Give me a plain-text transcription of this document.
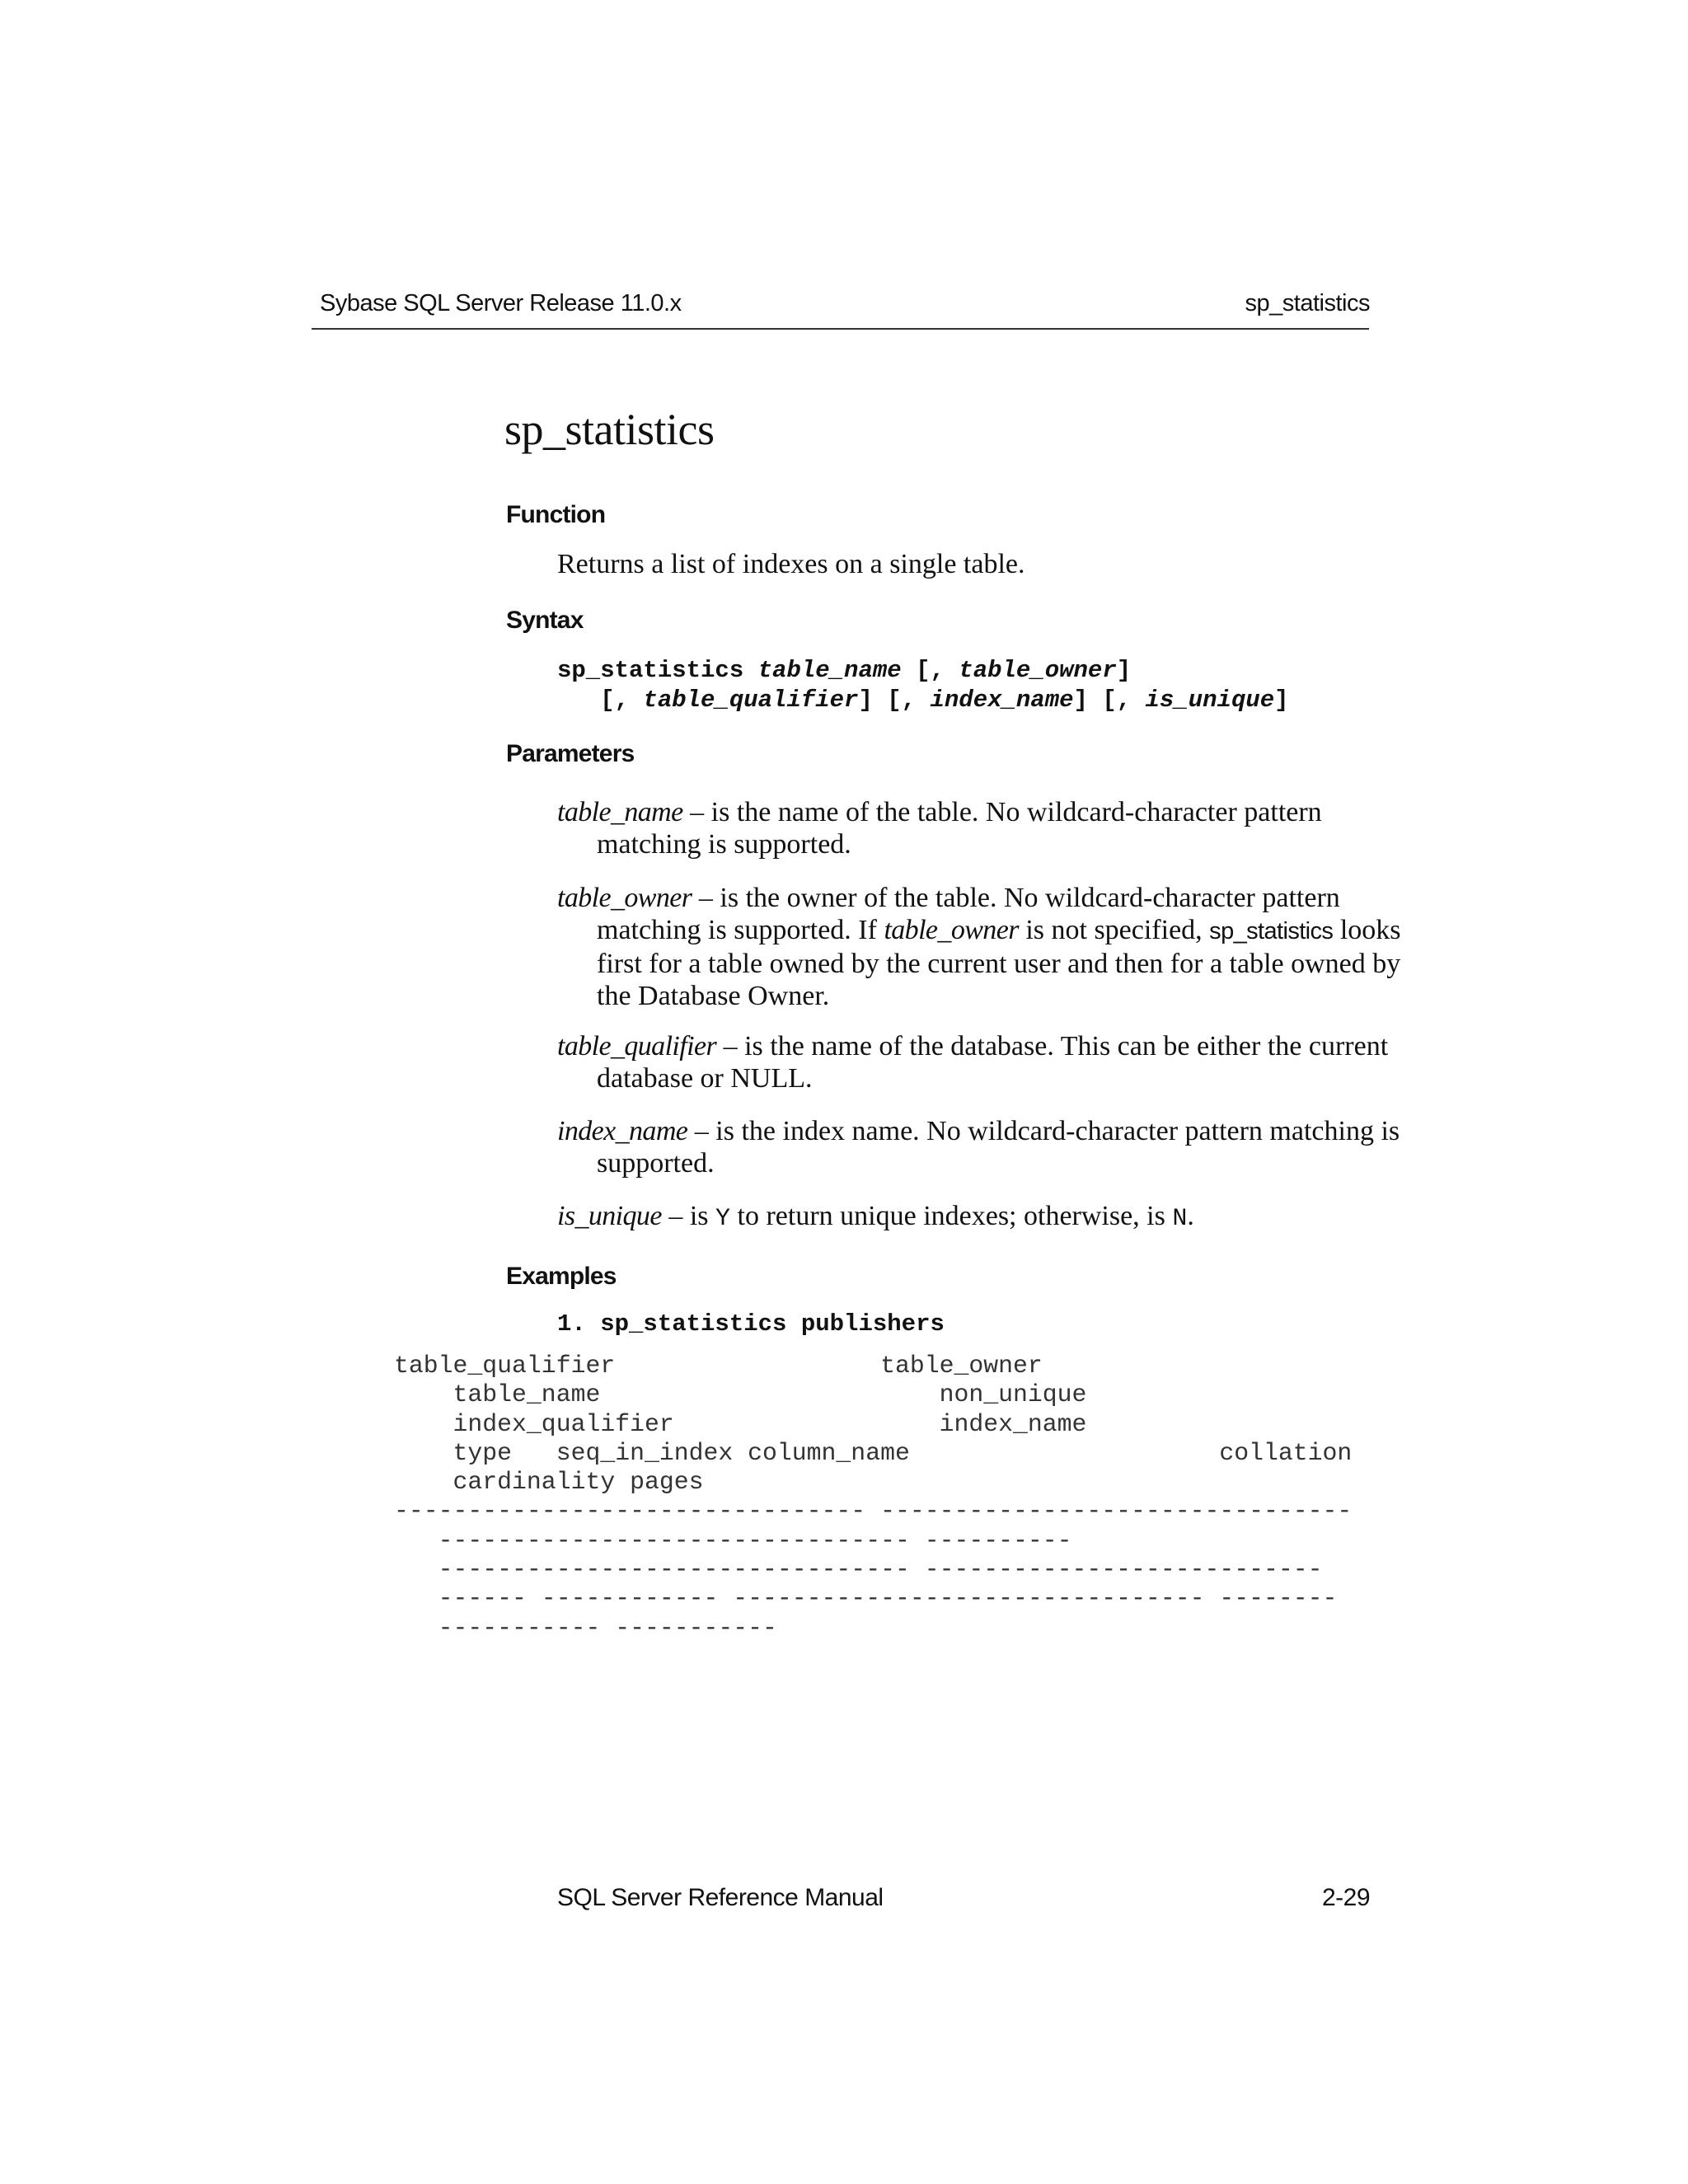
Sybase SQL Server Release 11.0.x	sp_statistics
sp_statistics
Function
Returns a list of indexes on a single table.
Syntax
sp_statistics table_name [, table_owner]
[, table_qualifier] [, index_name] [, is_unique]
Parameters
table_name – is the name of the table. No wildcard-character pattern matching is supported.
table_owner – is the owner of the table. No wildcard-character pattern matching is supported. If table_owner is not specified, sp_statistics looks first for a table owned by the current user and then for a table owned by the Database Owner.
table_qualifier – is the name of the database. This can be either the current database or NULL.
index_name – is the index name. No wildcard-character pattern matching is supported.
is_unique – is Y to return unique indexes; otherwise, is N.
Examples
1. sp_statistics publishers
table_qualifier                  table_owner
table_name                       non_unique
index_qualifier                  index_name
type   seq_in_index column_name                     collation
cardinality pages
-------------------------------- --------------------------------
-------------------------------- ----------
-------------------------------- ---------------------------
------ ------------ -------------------------------- --------
----------- -----------
SQL Server Reference Manual	2-29
